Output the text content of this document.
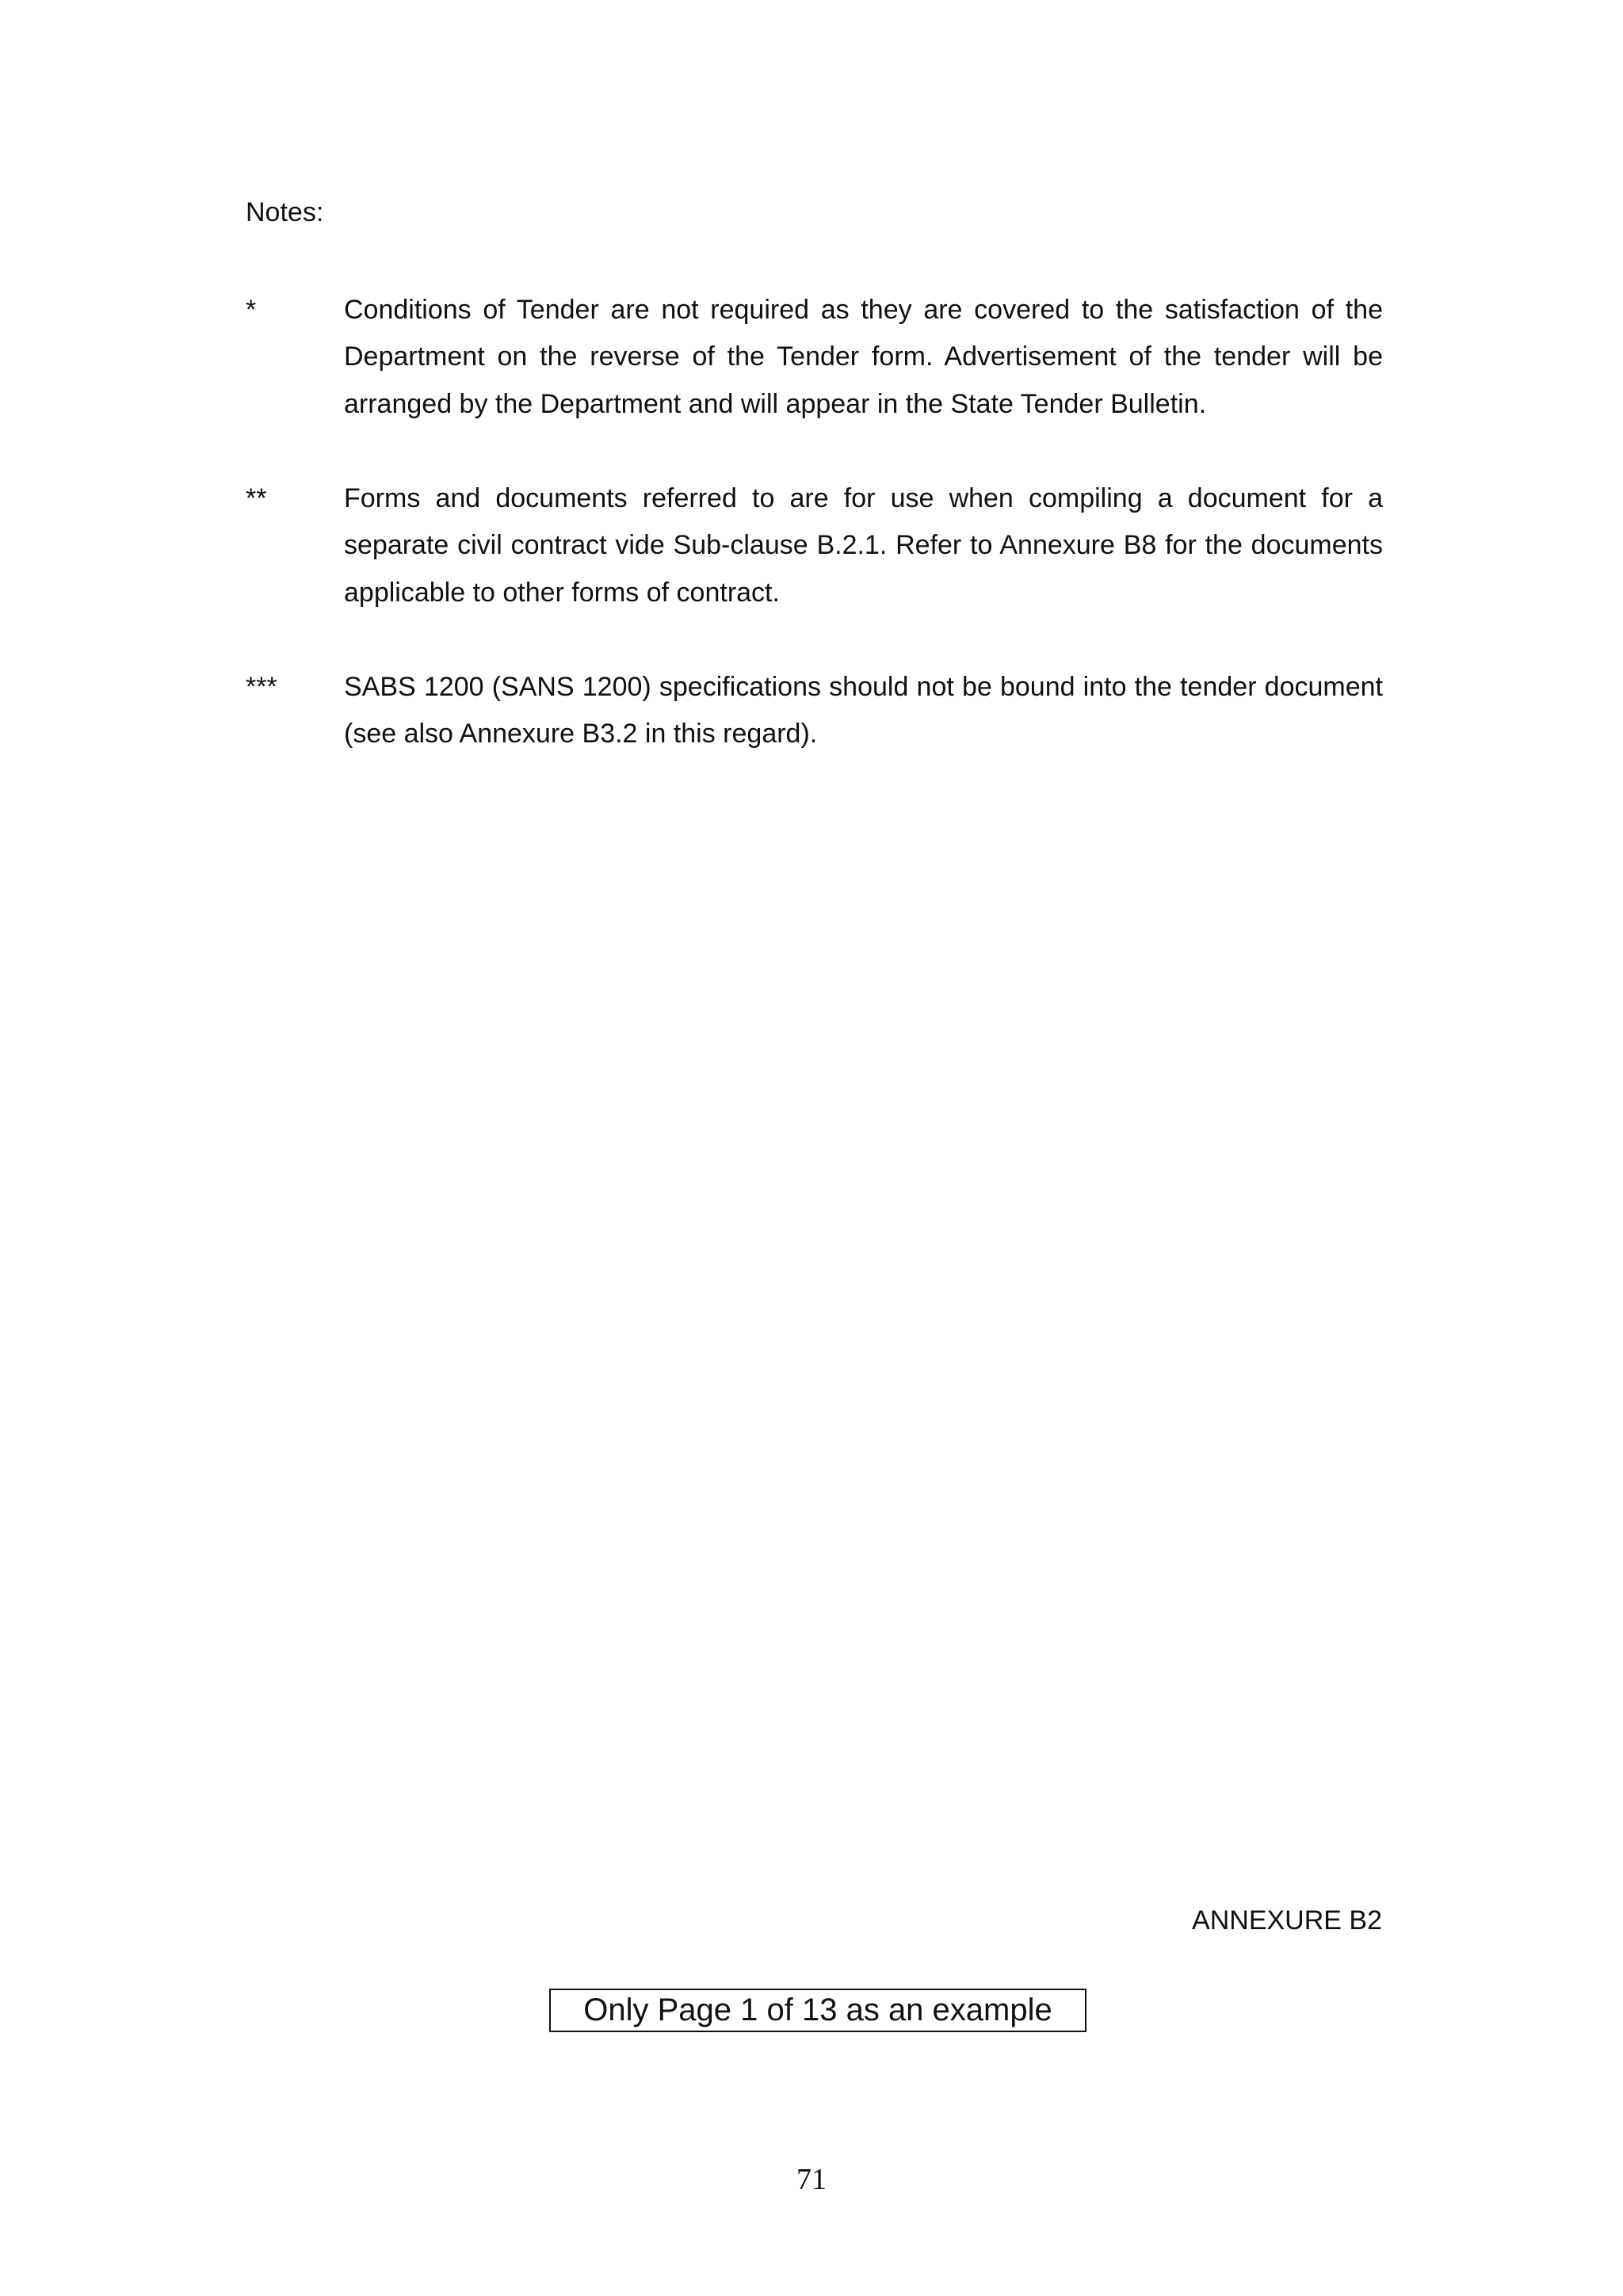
Notes:

*	Conditions of Tender are not required as they are covered to the satisfaction of the Department on the reverse of the Tender form. Advertisement of the tender will be arranged by the Department and will appear in the State Tender Bulletin.

**	Forms and documents referred to are for use when compiling a document for a separate civil contract vide Sub-clause B.2.1. Refer to Annexure B8 for the documents applicable to other forms of contract.

*** SABS 1200 (SANS 1200) specifications should not be bound into the tender document (see also Annexure B3.2 in this regard).

ANNEXURE B2
Only Page 1 of 13 as an example
71
